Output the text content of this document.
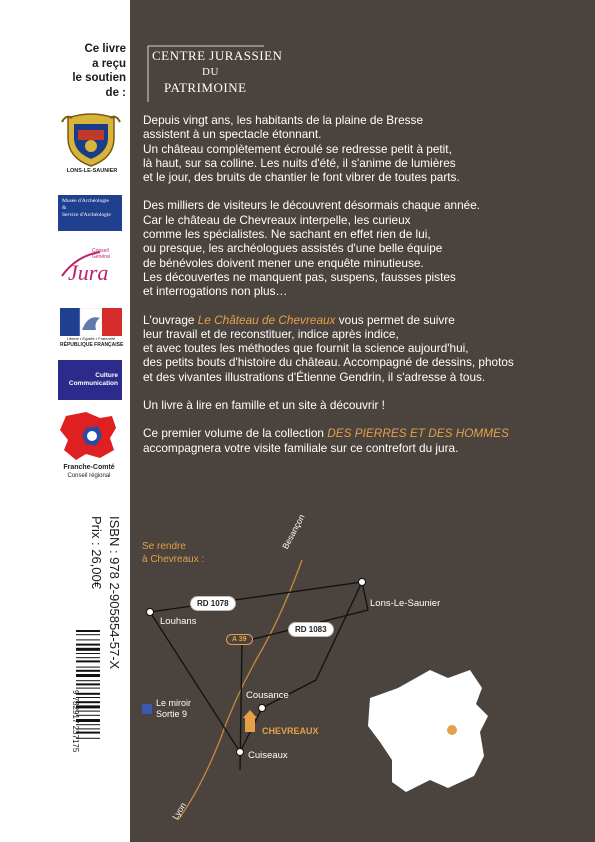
Ce livre
a reçu
le soutien
de :
LONS-LE-SAUNIER
Musée d'Archéologie
&
Service d'Archéologie
Conseil
Général
Jura
Liberté • Égalité • Fraternité
RÉPUBLIQUE FRANÇAISE
Culture
Communication
Franche-Comté
Conseil régional
ISBN : 978 2-905854-57-X
Prix : 26,00€
9 782917 237175
CENTRE JURASSIEN
DU
PATRIMOINE
Depuis vingt ans, les habitants de la plaine de Bresse
assistent à un spectacle étonnant.
Un château complètement écroulé se redresse petit à petit,
là haut, sur sa colline. Les nuits d'été, il s'anime de lumières
et le jour, des bruits de chantier le font vibrer de toutes parts.
Des milliers de visiteurs le découvrent désormais chaque année.
Car le château de Chevreaux interpelle, les curieux
comme les spécialistes. Ne sachant en effet rien de lui,
ou presque, les archéologues assistés d'une belle équipe
de bénévoles doivent mener une enquête minutieuse.
Les découvertes ne manquent pas, suspens, fausses pistes
et interrogations non plus…
L'ouvrage Le Château de Chevreaux vous permet de suivre
leur travail et de reconstituer, indice après indice,
et avec toutes les méthodes que fournit la science aujourd'hui,
des petits bouts d'histoire du château. Accompagné de dessins, photos
et des vivantes illustrations d'Étienne Gendrin, il s'adresse à tous.
Un livre à lire en famille et un site à découvrir !
Ce premier volume de la collection DES PIERRES ET DES HOMMES
accompagnera votre visite familiale sur ce contrefort du jura.
Se rendre
à Chevreaux :
Besançon
Lons-Le-Saunier
Louhans
Cousance
Cuiseaux
Lyon
CHEVREAUX
Le miroir
Sortie 9
RD 1078
RD 1083
A 39
